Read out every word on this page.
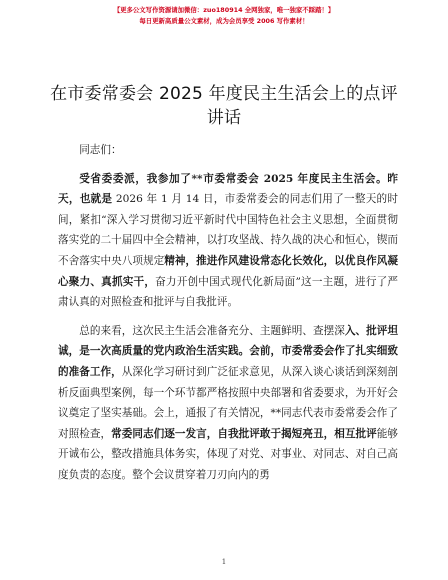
【更多公文写作资源请加微信：zuo180914 全网独家，唯一独家不踩踏！】
每日更新高质量公文素材，成为会员享受 2006 写作素材！
在市委常委会 2025 年度民主生活会上的点评讲话

同志们：

受省委委派，我参加了**市委常委会 2025 年度民主生活会。昨天，也就是 2026 年 1 月 14 日，市委常委会的同志们用了一整天的时间，紧扣“深入学习贯彻习近平新时代中国特色社会主义思想，全面贯彻落实党的二十届四中全会精神，以打攻坚战、持久战的决心和恒心，锲而不舍落实中央八项规定精神，推进作风建设常态化长效化，以优良作风凝心聚力、真抓实干，奋力开创中国式现代化新局面”这一主题，进行了严肃认真的对照检查和批评与自我批评。

总的来看，这次民主生活会准备充分、主题鲜明、查摆深入、批评坦诚，是一次高质量的党内政治生活实践。会前，市委常委会作了扎实细致的准备工作，从深化学习研讨到广泛征求意见，从深入谈心谈话到深刻剖析反面典型案例，每一个环节都严格按照中央部署和省委要求，为开好会议奠定了坚实基础。会上，通报了有关情况，**同志代表市委常委会作了对照检查，常委同志们逐一发言，自我批评敢于揭短亮丑，相互批评能够开诚布公，整改措施具体务实，体现了对党、对事业、对同志、对自己高度负责的态度。整个会议贯穿着刀刃向内的勇

1
